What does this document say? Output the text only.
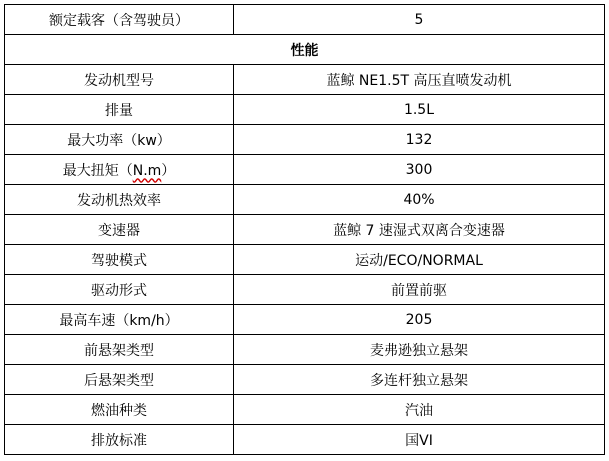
额定载客（含驾驶员）	5
性能	
发动机型号	蓝鲸 NE1.5T 高压直喷发动机
排量	1.5L
最大功率（kw）	132
最大扭矩（N.m）	300
发动机热效率	40%
变速器	蓝鲸 7 速湿式双离合变速器
驾驶模式	运动/ECO/NORMAL
驱动形式	前置前驱
最高车速（km/h）	205
前悬架类型	麦弗逊独立悬架
后悬架类型	多连杆独立悬架
燃油种类	汽油
排放标准	国VI
